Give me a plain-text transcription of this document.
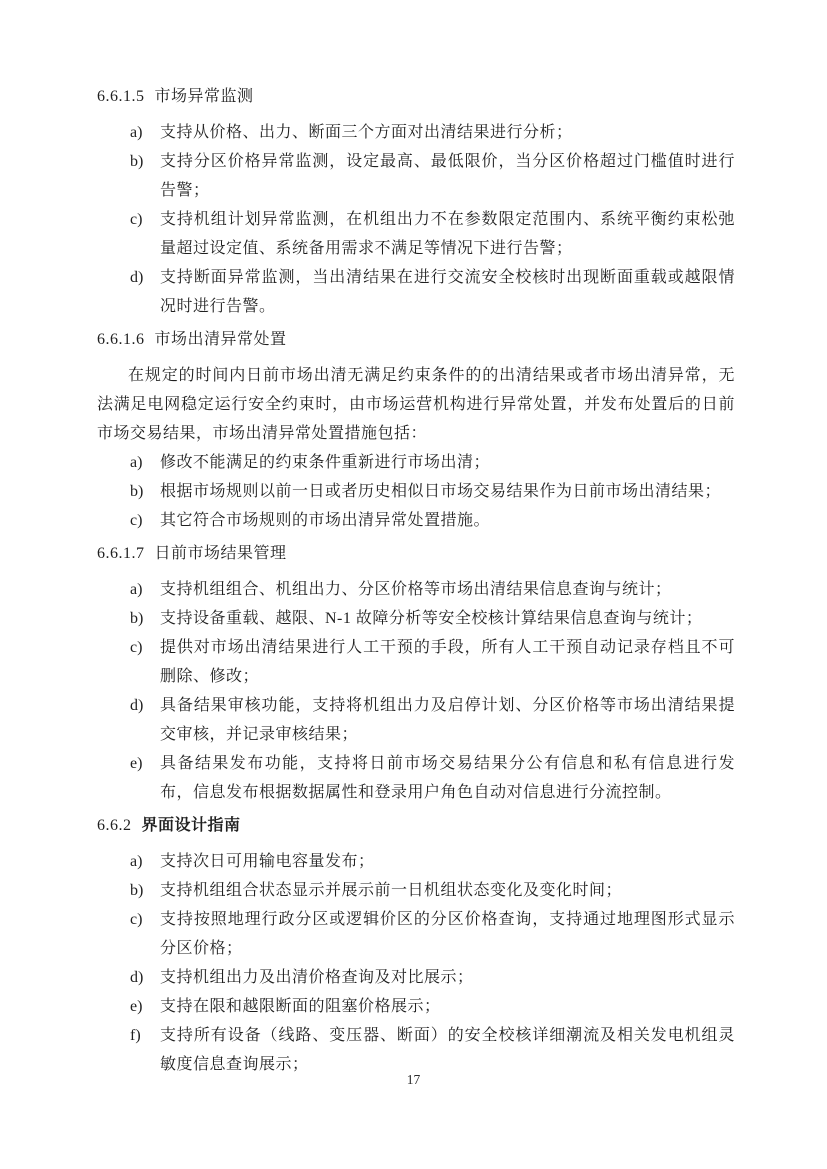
6.6.1.5 市场异常监测
a) 支持从价格、出力、断面三个方面对出清结果进行分析；
b) 支持分区价格异常监测，设定最高、最低限价，当分区价格超过门槛值时进行告警；
c) 支持机组计划异常监测，在机组出力不在参数限定范围内、系统平衡约束松弛量超过设定值、系统备用需求不满足等情况下进行告警；
d) 支持断面异常监测，当出清结果在进行交流安全校核时出现断面重载或越限情况时进行告警。
6.6.1.6 市场出清异常处置

在规定的时间内日前市场出清无满足约束条件的的出清结果或者市场出清异常，无法满足电网稳定运行安全约束时，由市场运营机构进行异常处置，并发布处置后的日前市场交易结果，市场出清异常处置措施包括：

a) 修改不能满足的约束条件重新进行市场出清；
b) 根据市场规则以前一日或者历史相似日市场交易结果作为日前市场出清结果；
c) 其它符合市场规则的市场出清异常处置措施。
6.6.1.7 日前市场结果管理
a) 支持机组组合、机组出力、分区价格等市场出清结果信息查询与统计；
b) 支持设备重载、越限、N-1 故障分析等安全校核计算结果信息查询与统计；
c) 提供对市场出清结果进行人工干预的手段，所有人工干预自动记录存档且不可删除、修改；
d) 具备结果审核功能，支持将机组出力及启停计划、分区价格等市场出清结果提交审核，并记录审核结果；
e) 具备结果发布功能，支持将日前市场交易结果分公有信息和私有信息进行发布，信息发布根据数据属性和登录用户角色自动对信息进行分流控制。
6.6.2 界面设计指南
a) 支持次日可用输电容量发布；
b) 支持机组组合状态显示并展示前一日机组状态变化及变化时间；
c) 支持按照地理行政分区或逻辑价区的分区价格查询，支持通过地理图形式显示分区价格；
d) 支持机组出力及出清价格查询及对比展示；
e) 支持在限和越限断面的阻塞价格展示；
f) 支持所有设备（线路、变压器、断面）的安全校核详细潮流及相关发电机组灵敏度信息查询展示；
17
